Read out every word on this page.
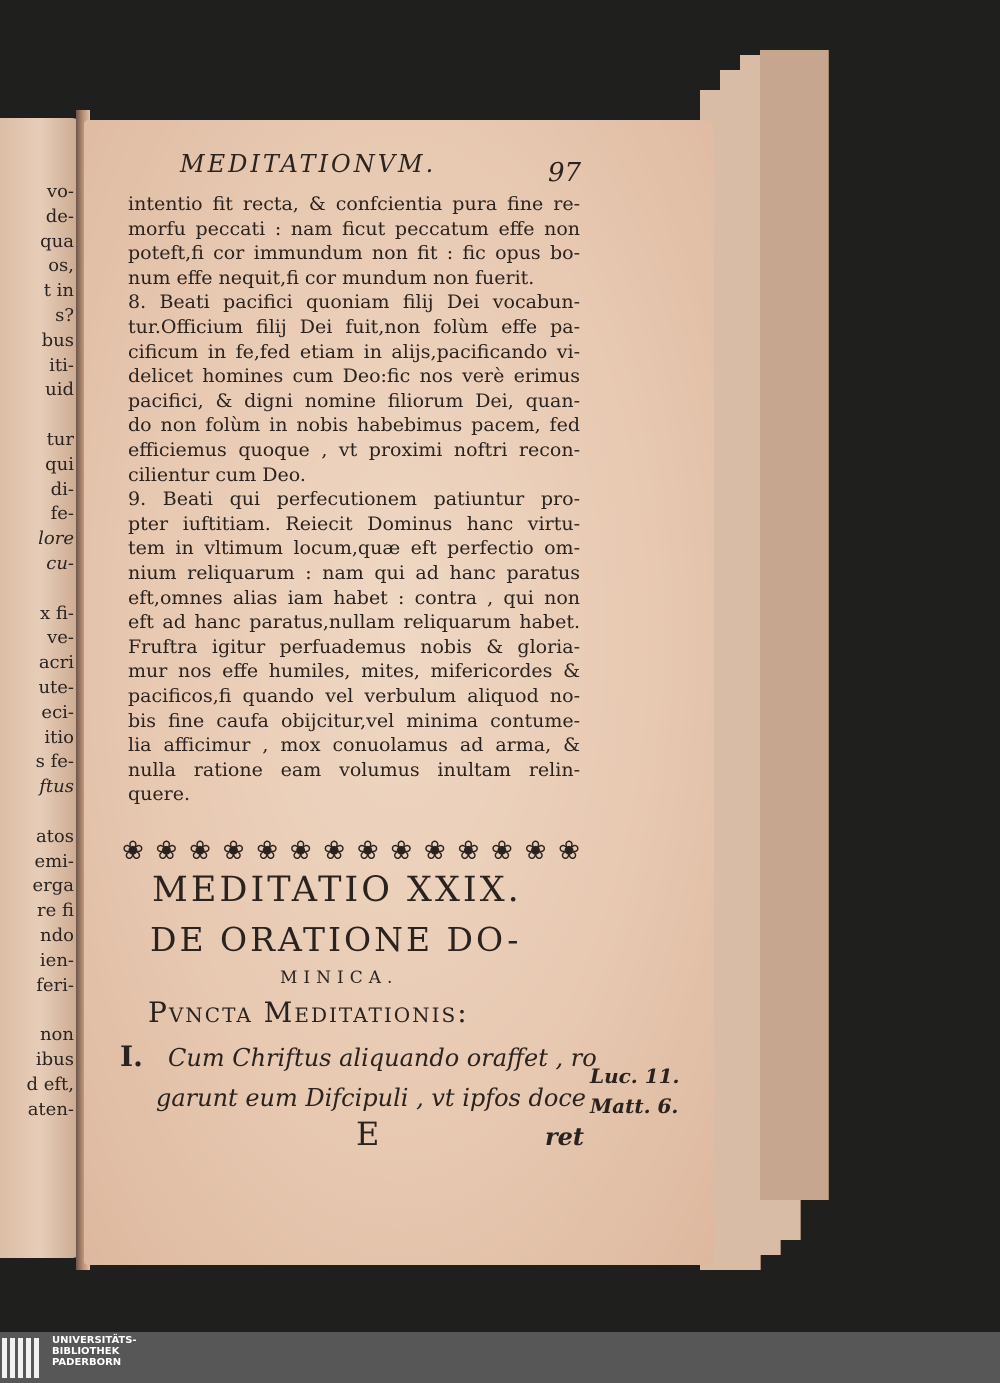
vo-
de-
qua
os,
t in
s?
bus
iti-
uid
tur
qui
di-
fe-
lore
cu-
x fi-
ve-
acri
ute-
eci-
itio
s fe-
ftus
atos
emi-
erga
re fi
ndo
ien-
feri-
non
ibus
d eft,
aten-
MEDITATIONVM.	97
intentio fit recta, & confcientia pura fine re-
morfu peccati : nam ficut peccatum effe non
poteft,fi cor immundum non fit : fic opus bo-
num effe nequit,fi cor mundum non fuerit.
8. Beati pacifici quoniam filij Dei vocabun-
tur.Officium filij Dei fuit,non folùm effe pa-
cificum in fe,fed etiam in alijs,pacificando vi-
delicet homines cum Deo:fic nos verè erimus
pacifici, & digni nomine filiorum Dei, quan-
do non folùm in nobis habebimus pacem, fed
efficiemus quoque , vt proximi noftri recon-
cilientur cum Deo.
9. Beati qui perfecutionem patiuntur pro-
pter iuftitiam. Reiecit Dominus hanc virtu-
tem in vltimum locum,quæ eft perfectio om-
nium reliquarum : nam qui ad hanc paratus
eft,omnes alias iam habet : contra , qui non
eft ad hanc paratus,nullam reliquarum habet.
Fruftra igitur perfuademus nobis & gloria-
mur nos effe humiles, mites, mifericordes &
pacificos,fi quando vel verbulum aliquod no-
bis fine caufa obijcitur,vel minima contume-
lia afficimur , mox conuolamus ad arma, &
nulla ratione eam volumus inultam relin-
quere.
❀ ❀ ❀ ❀ ❀ ❀ ❀ ❀ ❀ ❀ ❀ ❀ ❀ ❀
MEDITATIO XXIX.
DE ORATIONE DO-
MINICA.
Pvncta Meditationis:
I. Cum Chriftus aliquando oraffet , ro
garunt eum Difcipuli , vt ipfos doce
Luc. 11.
Matt. 6.
E	ret
UNIVERSITÄTS-
BIBLIOTHEK
PADERBORN
